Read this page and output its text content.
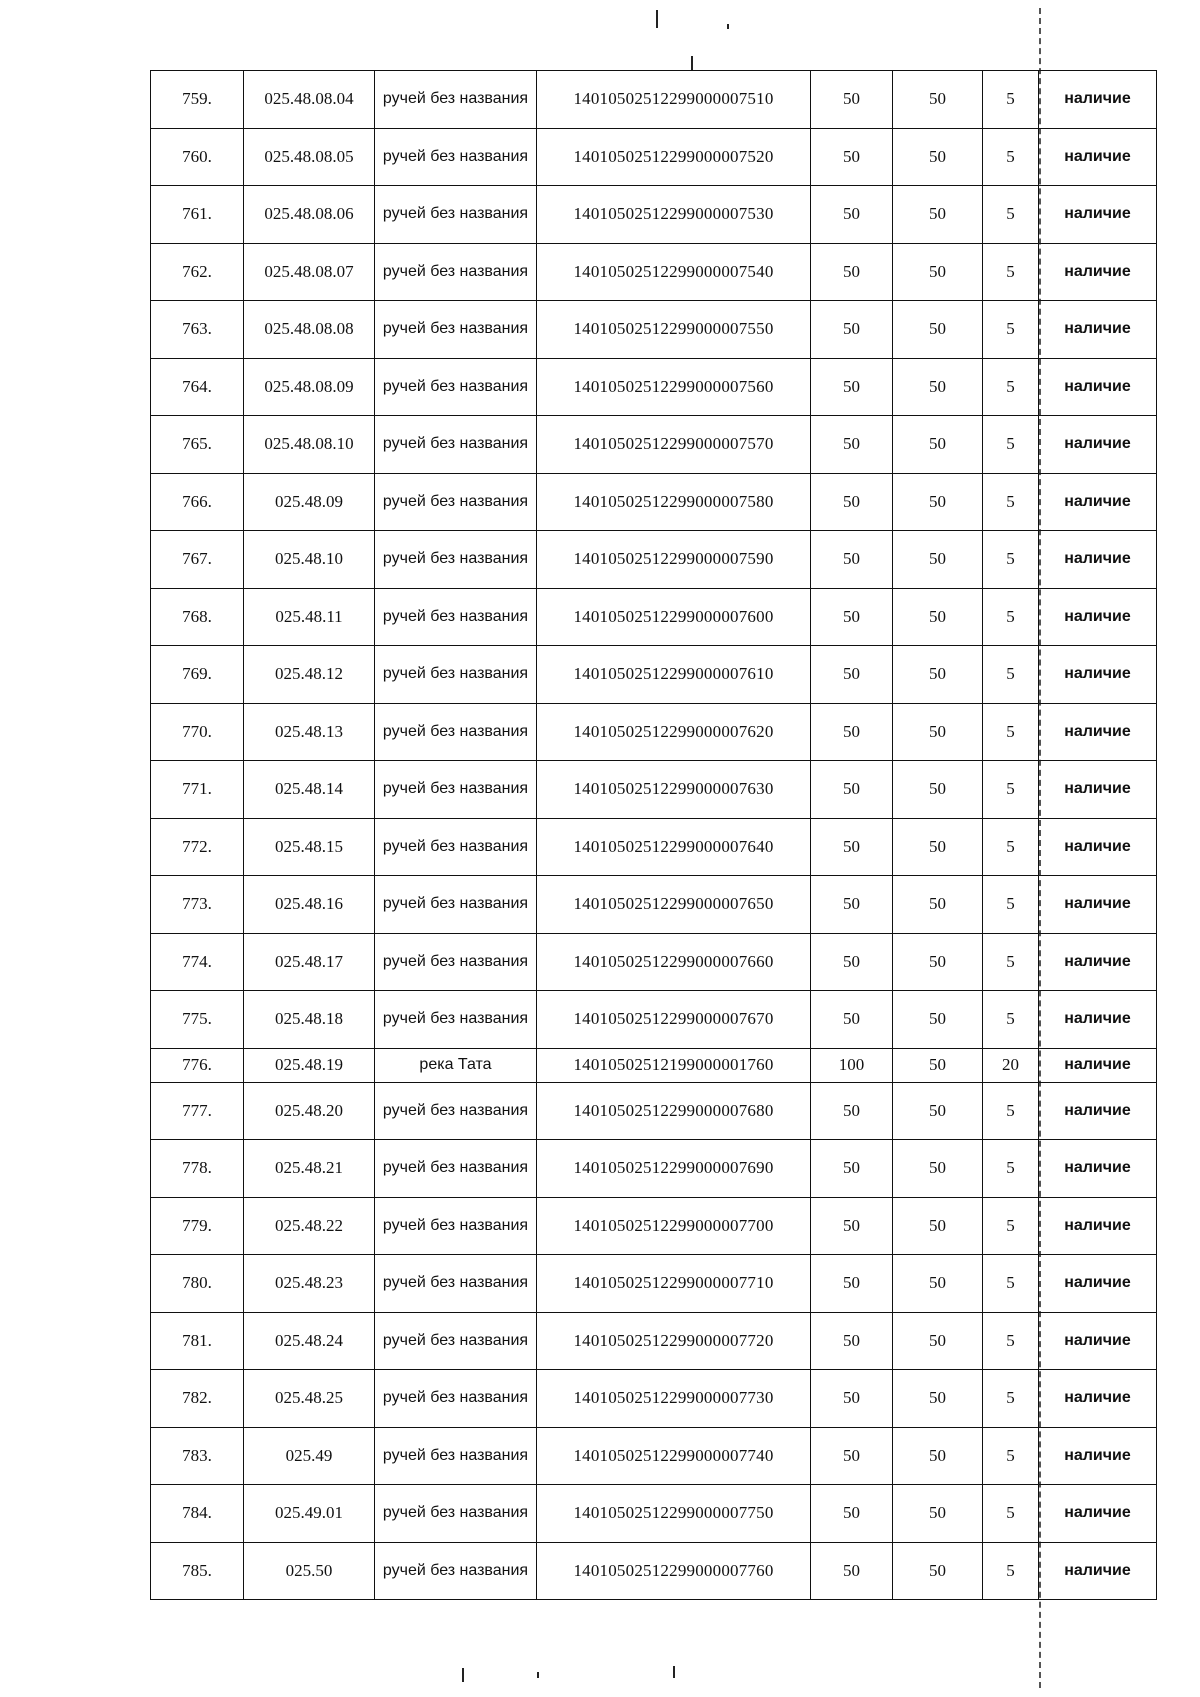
759.	025.48.08.04	ручей без названия	14010502512299000007510	50	50	5	наличие
760.	025.48.08.05	ручей без названия	14010502512299000007520	50	50	5	наличие
761.	025.48.08.06	ручей без названия	14010502512299000007530	50	50	5	наличие
762.	025.48.08.07	ручей без названия	14010502512299000007540	50	50	5	наличие
763.	025.48.08.08	ручей без названия	14010502512299000007550	50	50	5	наличие
764.	025.48.08.09	ручей без названия	14010502512299000007560	50	50	5	наличие
765.	025.48.08.10	ручей без названия	14010502512299000007570	50	50	5	наличие
766.	025.48.09	ручей без названия	14010502512299000007580	50	50	5	наличие
767.	025.48.10	ручей без названия	14010502512299000007590	50	50	5	наличие
768.	025.48.11	ручей без названия	14010502512299000007600	50	50	5	наличие
769.	025.48.12	ручей без названия	14010502512299000007610	50	50	5	наличие
770.	025.48.13	ручей без названия	14010502512299000007620	50	50	5	наличие
771.	025.48.14	ручей без названия	14010502512299000007630	50	50	5	наличие
772.	025.48.15	ручей без названия	14010502512299000007640	50	50	5	наличие
773.	025.48.16	ручей без названия	14010502512299000007650	50	50	5	наличие
774.	025.48.17	ручей без названия	14010502512299000007660	50	50	5	наличие
775.	025.48.18	ручей без названия	14010502512299000007670	50	50	5	наличие
776.	025.48.19	река Тата	14010502512199000001760	100	50	20	наличие
777.	025.48.20	ручей без названия	14010502512299000007680	50	50	5	наличие
778.	025.48.21	ручей без названия	14010502512299000007690	50	50	5	наличие
779.	025.48.22	ручей без названия	14010502512299000007700	50	50	5	наличие
780.	025.48.23	ручей без названия	14010502512299000007710	50	50	5	наличие
781.	025.48.24	ручей без названия	14010502512299000007720	50	50	5	наличие
782.	025.48.25	ручей без названия	14010502512299000007730	50	50	5	наличие
783.	025.49	ручей без названия	14010502512299000007740	50	50	5	наличие
784.	025.49.01	ручей без названия	14010502512299000007750	50	50	5	наличие
785.	025.50	ручей без названия	14010502512299000007760	50	50	5	наличие
